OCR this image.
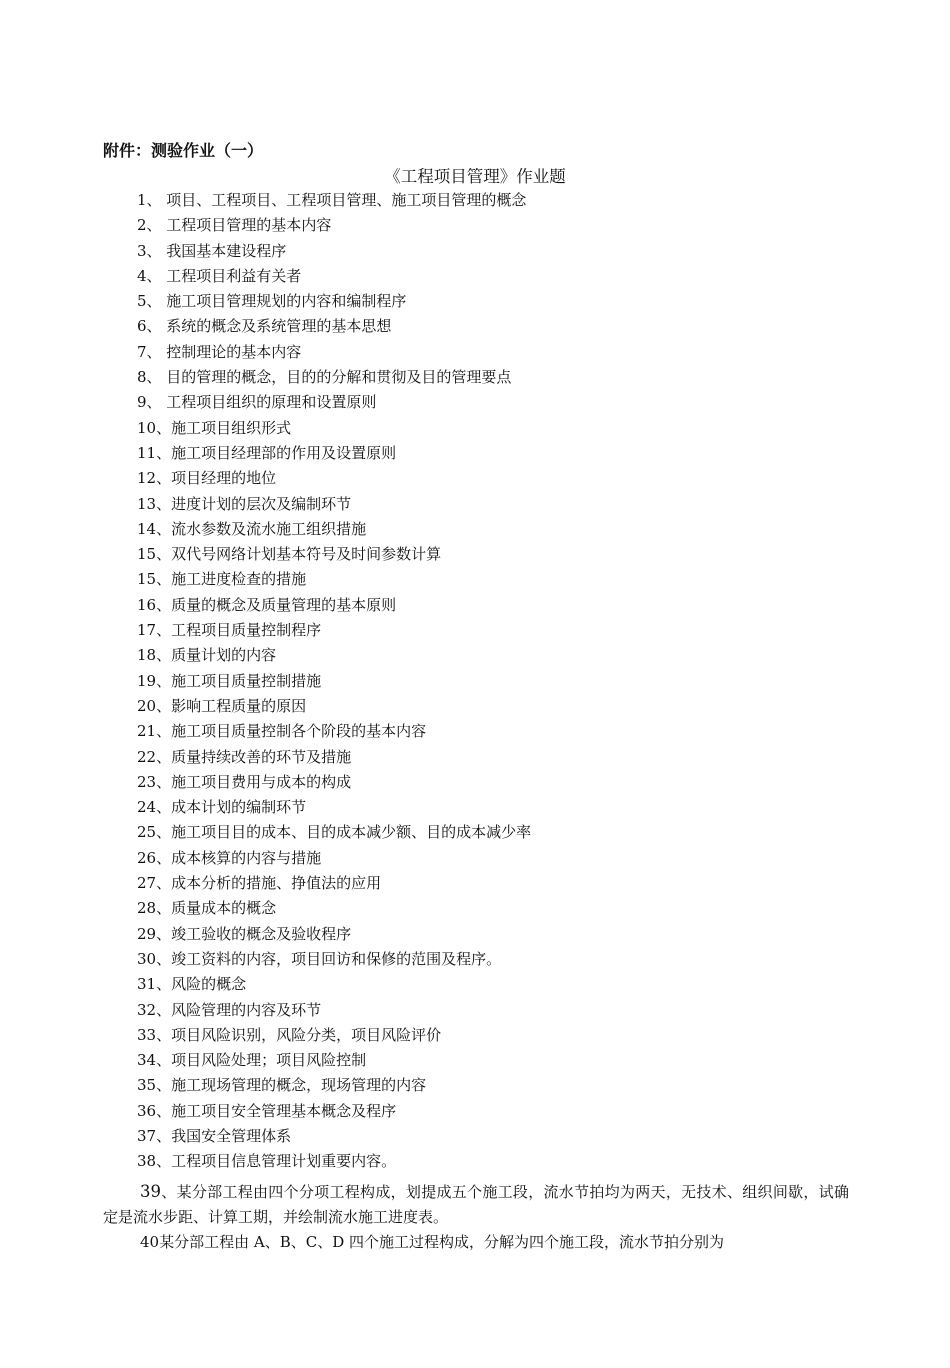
附件：测验作业（一）
《工程项目管理》作业题
1、 项目、工程项目、工程项目管理、施工项目管理的概念
2、 工程项目管理的基本内容
3、 我国基本建设程序
4、 工程项目利益有关者
5、 施工项目管理规划的内容和编制程序
6、 系统的概念及系统管理的基本思想
7、 控制理论的基本内容
8、 目的管理的概念，目的的分解和贯彻及目的管理要点
9、 工程项目组织的原理和设置原则
10、施工项目组织形式
11、施工项目经理部的作用及设置原则
12、项目经理的地位
13、进度计划的层次及编制环节
14、流水参数及流水施工组织措施
15、双代号网络计划基本符号及时间参数计算
15、施工进度检查的措施
16、质量的概念及质量管理的基本原则
17、工程项目质量控制程序
18、质量计划的内容
19、施工项目质量控制措施
20、影响工程质量的原因
21、施工项目质量控制各个阶段的基本内容
22、质量持续改善的环节及措施
23、施工项目费用与成本的构成
24、成本计划的编制环节
25、施工项目目的成本、目的成本减少额、目的成本减少率
26、成本核算的内容与措施
27、成本分析的措施、挣值法的应用
28、质量成本的概念
29、竣工验收的概念及验收程序
30、竣工资料的内容，项目回访和保修的范围及程序。
31、风险的概念
32、风险管理的内容及环节
33、项目风险识别，风险分类，项目风险评价
34、项目风险处理；项目风险控制
35、施工现场管理的概念，现场管理的内容
36、施工项目安全管理基本概念及程序
37、我国安全管理体系
38、工程项目信息管理计划重要内容。

39、某分部工程由四个分项工程构成，划提成五个施工段，流水节拍均为两天，无技术、组织间歇，试确定是流水步距、计算工期，并绘制流水施工进度表。

40某分部工程由 A、B、C、D 四个施工过程构成，分解为四个施工段，流水节拍分别为
